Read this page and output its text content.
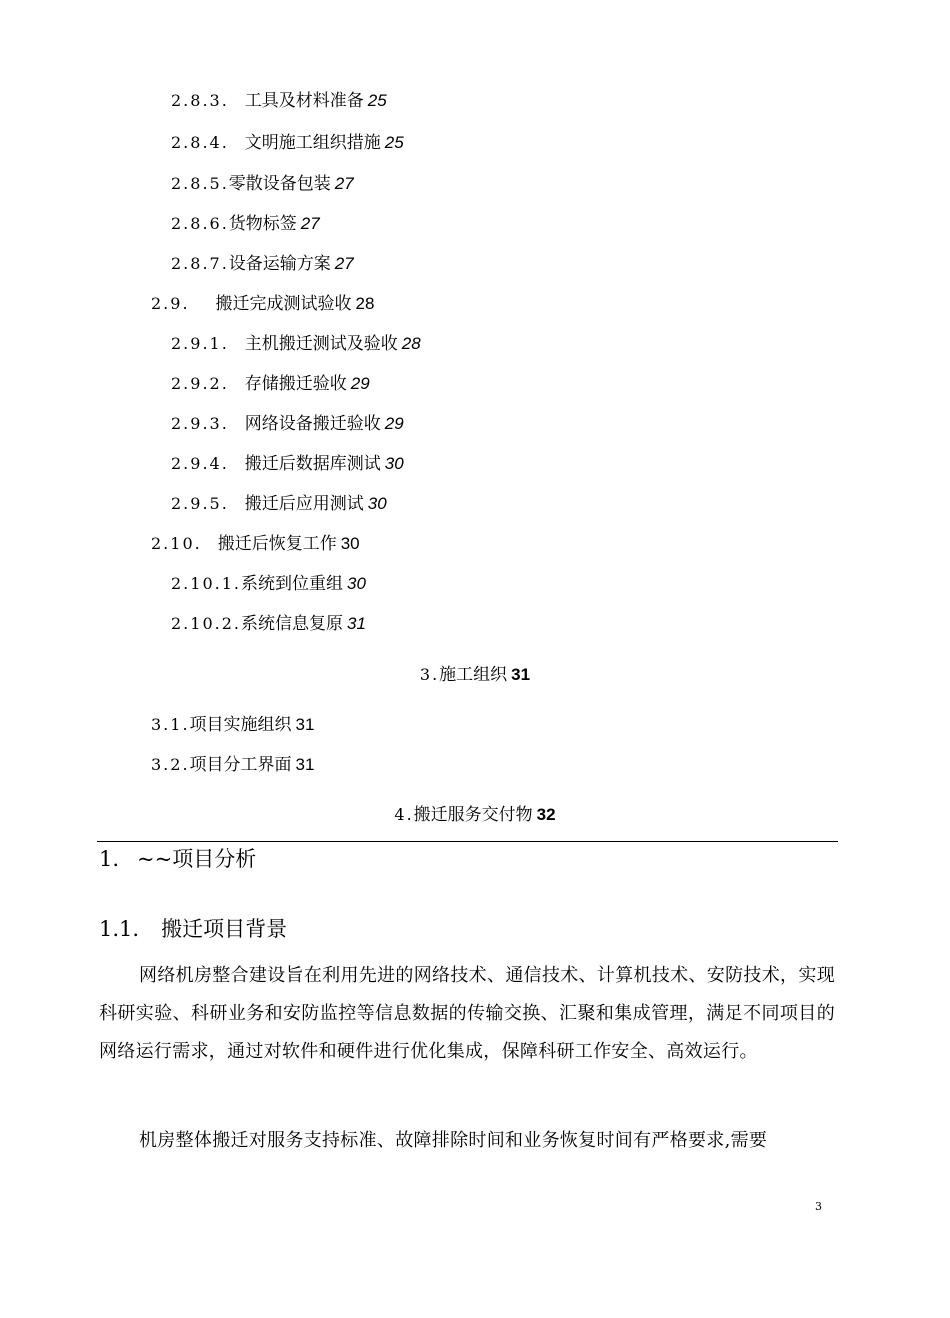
2.8.3. 工具及材料准备 25
2.8.4. 文明施工组织措施 25
2.8.5.零散设备包装 27
2.8.6.货物标签 27
2.8.7.设备运输方案 27
2.9. 搬迁完成测试验收 28
2.9.1. 主机搬迁测试及验收 28
2.9.2. 存储搬迁验收 29
2.9.3. 网络设备搬迁验收 29
2.9.4. 搬迁后数据库测试 30
2.9.5. 搬迁后应用测试 30
2.10. 搬迁后恢复工作 30
2.10.1.系统到位重组 30
2.10.2.系统信息复原 31
3.施工组织 31
3.1.项目实施组织 31
3.2.项目分工界面 31
4.搬迁服务交付物 32
1. ~~项目分析
1.1. 搬迁项目背景
网络机房整合建设旨在利用先进的网络技术、通信技术、计算机技术、安防技术，实现科研实验、科研业务和安防监控等信息数据的传输交换、汇聚和集成管理，满足不同项目的网络运行需求，通过对软件和硬件进行优化集成，保障科研工作安全、高效运行。
机房整体搬迁对服务支持标准、故障排除时间和业务恢复时间有严格要求,需要
3
